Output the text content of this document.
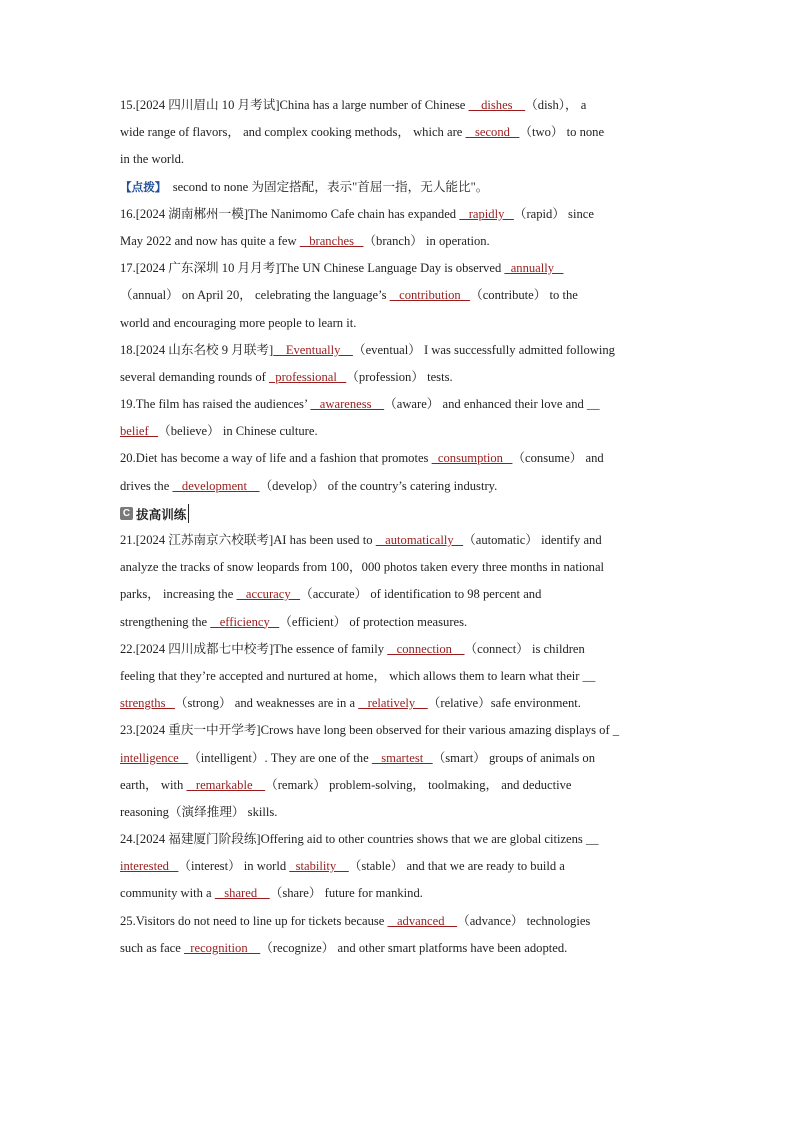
15.[2024 四川眉山 10 月考试]China has a large number of Chinese     dishes    （dish）， a
wide range of flavors， and complex cooking methods， which are    second   （two） to none
in the world.
【点拨】  second to none 为固定搭配，表示"首屈一指，无人能比"。
16.[2024 湖南郴州一模]The Nanimomo Cafe chain has expanded    rapidly   （rapid） since
May 2022 and now has quite a few    branches   （branch） in operation.
17.[2024 广东深圳 10 月月考]The UN Chinese Language Day is observed   annually
（annual） on April 20， celebrating the language’s    contribution   （contribute） to the
world and encouraging more people to learn it.
18.[2024 山东名校 9 月联考]    Eventually    （eventual） I was successfully admitted following
several demanding rounds of   professional   （profession） tests.
19.The film has raised the audiences’    awareness    （aware） and enhanced their love and __
belief   （believe） in Chinese culture.
20.Diet has become a way of life and a fashion that promotes   consumption   （consume） and
drives the    development    （develop） of the country’s catering industry.
C 拔高训练
21.[2024 江苏南京六校联考]AI has been used to    automatically   （automatic） identify and
analyze the tracks of snow leopards from 100，000 photos taken every three months in national
parks， increasing the    accuracy   （accurate） of identification to 98 percent and
strengthening the    efficiency   （efficient） of protection measures.
22.[2024 四川成都七中校考]The essence of family    connection    （connect） is children
feeling that they’re accepted and nurtured at home， which allows them to learn what their __
strengths   （strong） and weaknesses are in a    relatively    （relative）safe environment.
23.[2024 重庆一中开学考]Crows have long been observed for their various amazing displays of _
intelligence   （intelligent）. They are one of the    smartest   （smart） groups of animals on
earth， with    remarkable    （remark） problem-solving， toolmaking， and deductive
reasoning（演绎推理） skills.
24.[2024 福建厦门阶段练]Offering aid to other countries shows that we are global citizens __
interested   （interest） in world   stability    （stable） and that we are ready to build a
community with a    shared    （share） future for mankind.
25.Visitors do not need to line up for tickets because    advanced    （advance） technologies
such as face   recognition    （recognize） and other smart platforms have been adopted.
